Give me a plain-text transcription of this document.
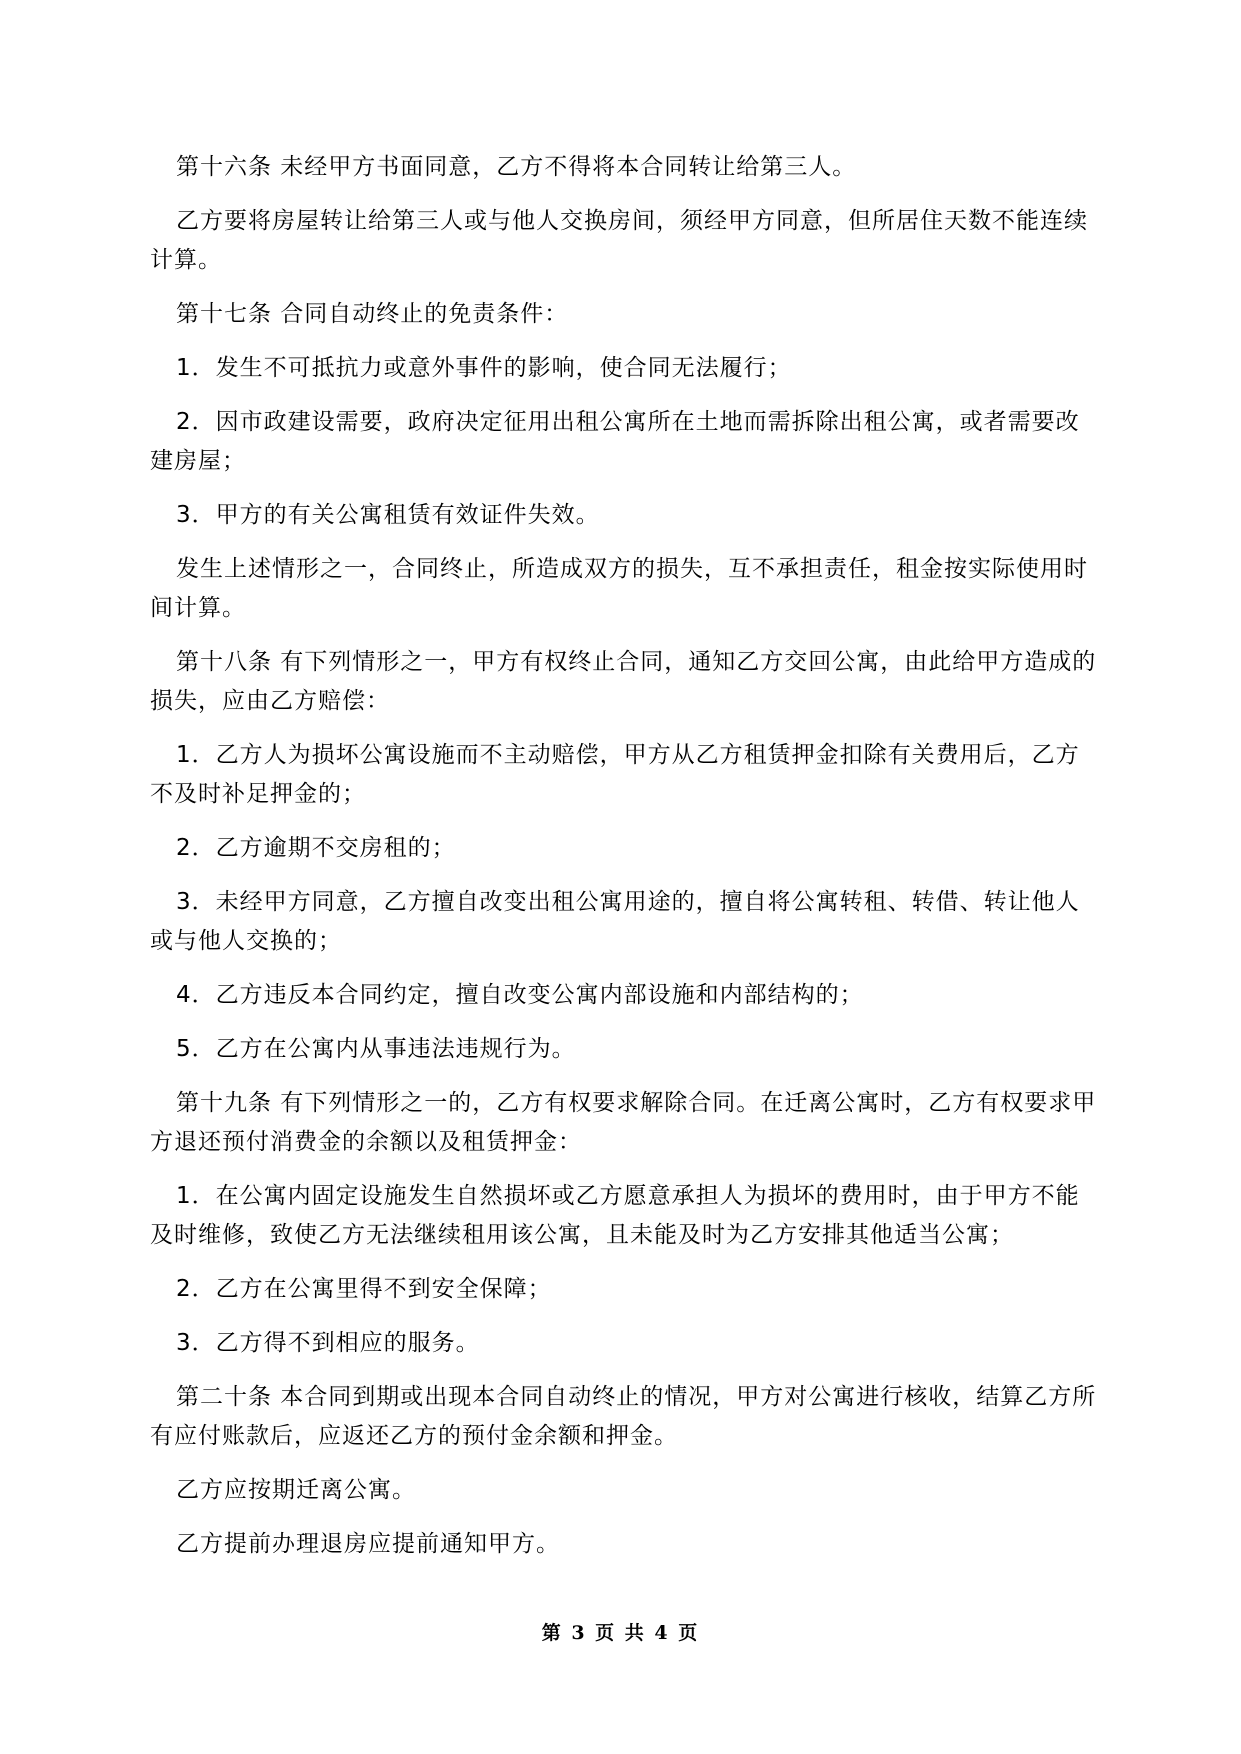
第十六条 未经甲方书面同意，乙方不得将本合同转让给第三人。

乙方要将房屋转让给第三人或与他人交换房间，须经甲方同意，但所居住天数不能连续计算。

第十七条 合同自动终止的免责条件：

1．发生不可抵抗力或意外事件的影响，使合同无法履行；

2．因市政建设需要，政府决定征用出租公寓所在土地而需拆除出租公寓，或者需要改建房屋；

3．甲方的有关公寓租赁有效证件失效。

发生上述情形之一，合同终止，所造成双方的损失，互不承担责任，租金按实际使用时间计算。

第十八条 有下列情形之一，甲方有权终止合同，通知乙方交回公寓，由此给甲方造成的损失，应由乙方赔偿：

1．乙方人为损坏公寓设施而不主动赔偿，甲方从乙方租赁押金扣除有关费用后，乙方不及时补足押金的；

2．乙方逾期不交房租的；

3．未经甲方同意，乙方擅自改变出租公寓用途的，擅自将公寓转租、转借、转让他人或与他人交换的；

4．乙方违反本合同约定，擅自改变公寓内部设施和内部结构的；

5．乙方在公寓内从事违法违规行为。

第十九条 有下列情形之一的，乙方有权要求解除合同。在迁离公寓时，乙方有权要求甲方退还预付消费金的余额以及租赁押金：

1．在公寓内固定设施发生自然损坏或乙方愿意承担人为损坏的费用时，由于甲方不能及时维修，致使乙方无法继续租用该公寓，且未能及时为乙方安排其他适当公寓；

2．乙方在公寓里得不到安全保障；

3．乙方得不到相应的服务。

第二十条 本合同到期或出现本合同自动终止的情况，甲方对公寓进行核收，结算乙方所有应付账款后，应返还乙方的预付金余额和押金。

乙方应按期迁离公寓。

乙方提前办理退房应提前通知甲方。

第 3 页 共 4 页
